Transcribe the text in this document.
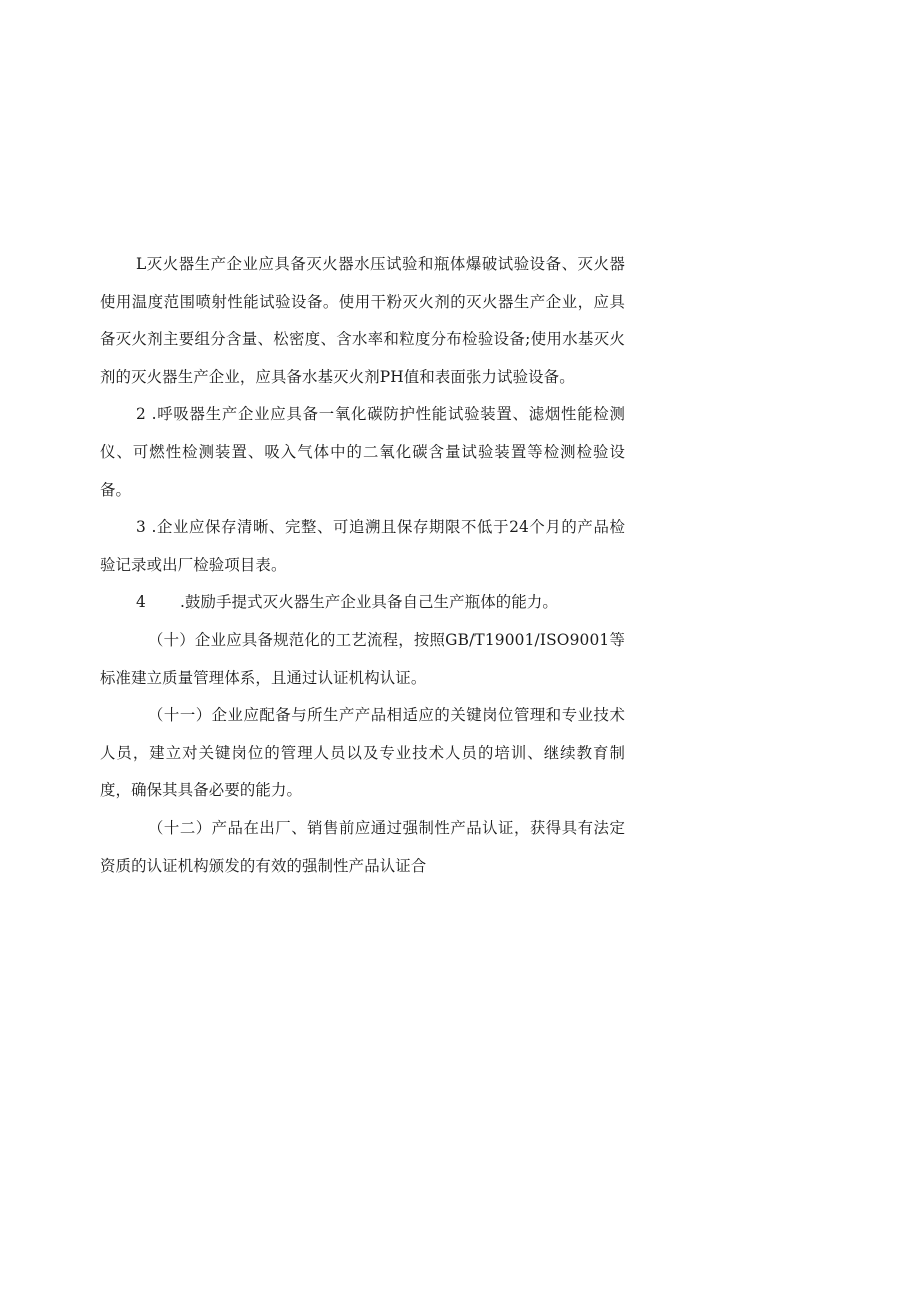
L灭火器生产企业应具备灭火器水压试验和瓶体爆破试验设备、灭火器使用温度范围喷射性能试验设备。使用干粉灭火剂的灭火器生产企业，应具备灭火剂主要组分含量、松密度、含水率和粒度分布检验设备;使用水基灭火剂的灭火器生产企业，应具备水基灭火剂PH值和表面张力试验设备。

2 .呼吸器生产企业应具备一氧化碳防护性能试验装置、滤烟性能检测仪、可燃性检测装置、吸入气体中的二氧化碳含量试验装置等检测检验设备。

3 .企业应保存清晰、完整、可追溯且保存期限不低于24个月的产品检验记录或出厂检验项目表。

4 .鼓励手提式灭火器生产企业具备自己生产瓶体的能力。

（十）企业应具备规范化的工艺流程，按照GB/T19001/ISO9001等标准建立质量管理体系，且通过认证机构认证。

（十一）企业应配备与所生产产品相适应的关键岗位管理和专业技术人员，建立对关键岗位的管理人员以及专业技术人员的培训、继续教育制度，确保其具备必要的能力。

（十二）产品在出厂、销售前应通过强制性产品认证，获得具有法定资质的认证机构颁发的有效的强制性产品认证合
